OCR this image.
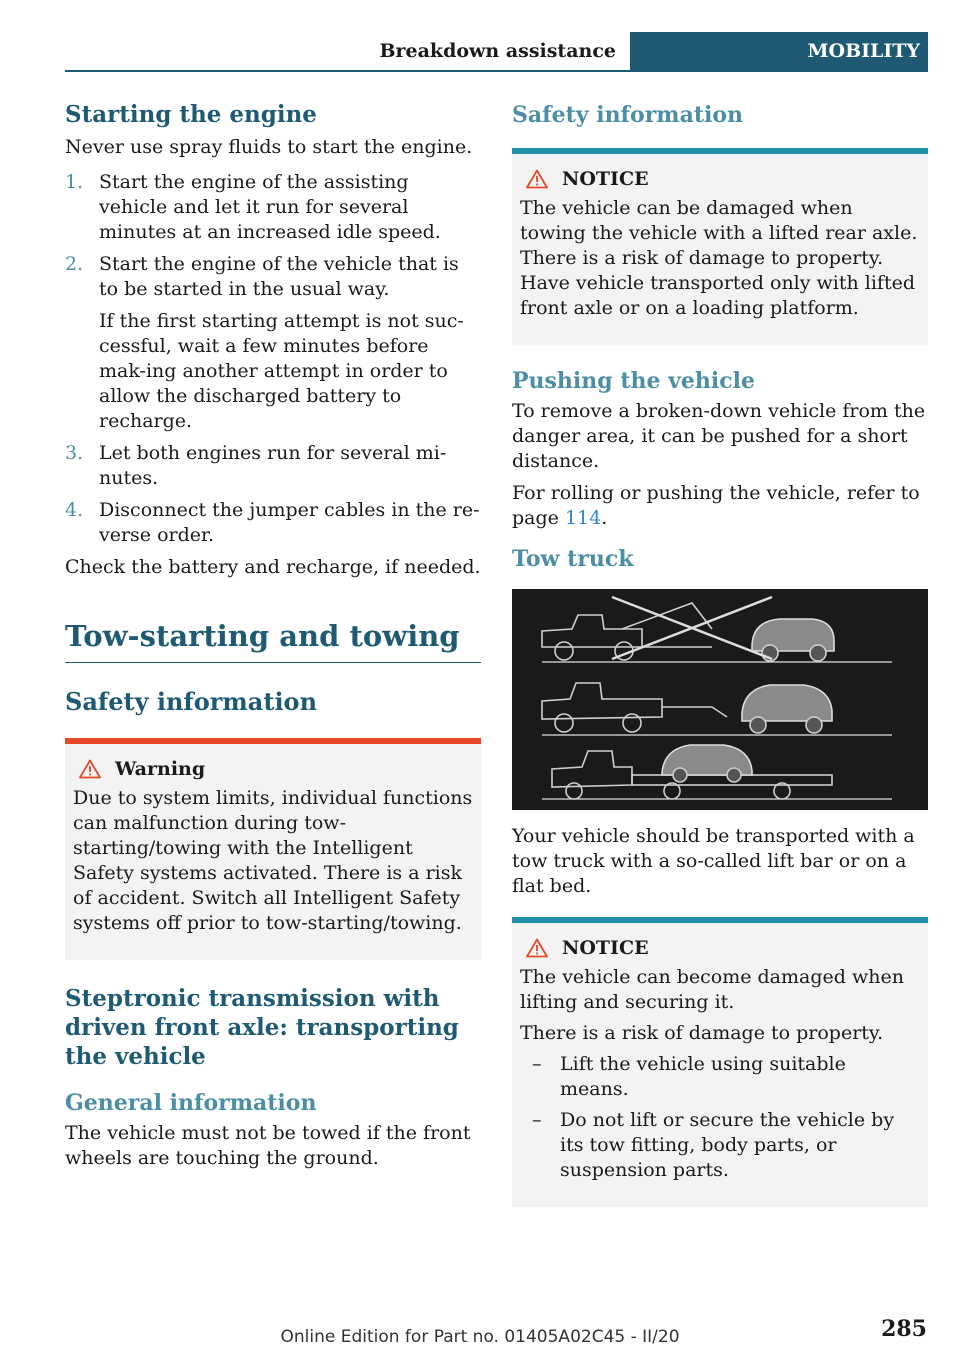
Breakdown assistance	MOBILITY
Starting the engine

Never use spray fluids to start the engine.

1. Start the engine of the assisting vehicle and let it run for several minutes at an increased idle speed.
2. Start the engine of the vehicle that is to be started in the usual way.
If the first starting attempt is not suc-cessful, wait a few minutes before mak-ing another attempt in order to allow the discharged battery to recharge.
3. Let both engines run for several mi-nutes.
4. Disconnect the jumper cables in the re-verse order.

Check the battery and recharge, if needed.

Tow-starting and towing
Safety information
Warning

Due to system limits, individual functions can malfunction during tow-starting/towing with the Intelligent Safety systems activated. There is a risk of accident. Switch all Intelligent Safety systems off prior to tow-starting/towing.

Steptronic transmission with driven front axle: transporting the vehicle
General information

The vehicle must not be towed if the front wheels are touching the ground.

Safety information
NOTICE

The vehicle can be damaged when towing the vehicle with a lifted rear axle. There is a risk of damage to property. Have vehicle transported only with lifted front axle or on a loading platform.

Pushing the vehicle

To remove a broken-down vehicle from the danger area, it can be pushed for a short distance.

For rolling or pushing the vehicle, refer to page 114.

Tow truck

Your vehicle should be transported with a tow truck with a so-called lift bar or on a flat bed.

NOTICE

The vehicle can become damaged when lifting and securing it.

There is a risk of damage to property.

– Lift the vehicle using suitable means.
– Do not lift or secure the vehicle by its tow fitting, body parts, or suspension parts.
285
Online Edition for Part no. 01405A02C45 - II/20
